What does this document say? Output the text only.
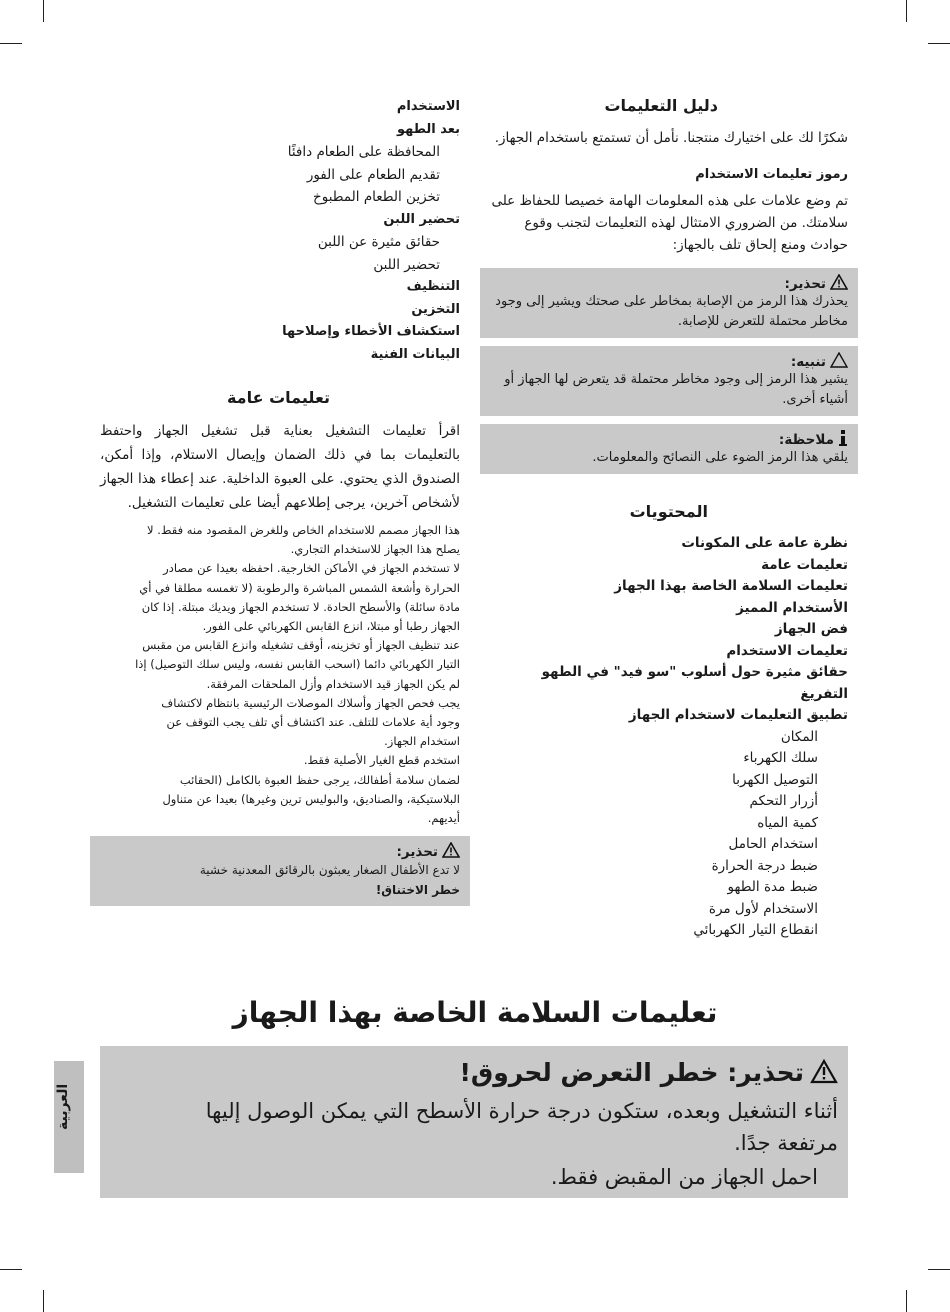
دليل التعليمات

شكرًا لك على اختيارك منتجنا. نأمل أن تستمتع باستخدام الجهاز.

رموز تعليمات الاستخدام

تم وضع علامات على هذه المعلومات الهامة خصيصا للحفاظ على سلامتك. من الضروري الامتثال لهذه التعليمات لتجنب وقوع حوادث ومنع إلحاق تلف بالجهاز:

تحذير:
يحذرك هذا الرمز من الإصابة بمخاطر على صحتك ويشير إلى وجود مخاطر محتملة للتعرض للإصابة.
تنبيه:
يشير هذا الرمز إلى وجود مخاطر محتملة قد يتعرض لها الجهاز أو أشياء أخرى.
ملاحظة:
يلقي هذا الرمز الضوء على النصائح والمعلومات.
المحتويات
نظرة عامة على المكونات
تعليمات عامة
تعليمات السلامة الخاصة بهذا الجهاز
الأستخدام المميز
فض الجهاز
تعليمات الاستخدام
حقائق مثيرة حول أسلوب "سو فيد" في الطهو
التفريغ
تطبيق التعليمات لاستخدام الجهاز
المكان
سلك الكهرباء
التوصيل الكهربا
أزرار التحكم
كمية المياه
استخدام الحامل
ضبط درجة الحرارة
ضبط مدة الطهو
الاستخدام لأول مرة
انقطاع التيار الكهربائي
الاستخدام
بعد الطهو
المحافظة على الطعام دافئًا
تقديم الطعام على الفور
تخزين الطعام المطبوخ
تحضير اللبن
حقائق مثيرة عن اللبن
تحضير اللبن
التنظيف
التخزين
استكشاف الأخطاء وإصلاحها
البيانات الفنية
تعليمات عامة

اقرأ تعليمات التشغيل بعناية قبل تشغيل الجهاز واحتفظ بالتعليمات بما في ذلك الضمان وإيصال الاستلام، وإذا أمكن، الصندوق الذي يحتوي. على العبوة الداخلية. عند إعطاء هذا الجهاز لأشخاص آخرين، يرجى إطلاعهم أيضا على تعليمات التشغيل.

هذا الجهاز مصمم للاستخدام الخاص وللغرض المقصود منه فقط. لا

يصلح هذا الجهاز للاستخدام التجاري.

لا تستخدم الجهاز في الأماكن الخارجية. احفظه بعيدا عن مصادر

الحرارة وأشعة الشمس المباشرة والرطوبة (لا تغمسه مطلقا في أي

مادة سائلة) والأسطح الحادة. لا تستخدم الجهاز ويديك مبتلة. إذا كان

الجهاز رطبا أو مبتلا، انزع القابس الكهربائي على الفور.

عند تنظيف الجهاز أو تخزينه، أوقف تشغيله وانزع القابس من مقبس

التيار الكهربائي دائما (اسحب القابس نفسه، وليس سلك التوصيل) إذا

لم يكن الجهاز قيد الاستخدام وأزل الملحقات المرفقة.

يجب فحص الجهاز وأسلاك الموصلات الرئيسية بانتظام لاكتشاف

وجود أية علامات للتلف. عند اكتشاف أي تلف يجب التوقف عن

استخدام الجهاز.

استخدم قطع الغيار الأصلية فقط.

لضمان سلامة أطفالك، يرجى حفظ العبوة بالكامل (الحقائب

البلاستيكية، والصناديق، والبوليس ترين وغيرها) بعيدا عن متناول

أيديهم.

تحذير:
لا تدع الأطفال الصغار يعبثون بالرقائق المعدنية خشية
خطر الاختناق!
تعليمات السلامة الخاصة بهذا الجهاز
تحذير: خطر التعرض لحروق!
أثناء التشغيل وبعده، ستكون درجة حرارة الأسطح التي يمكن الوصول إليها
مرتفعة جدًا.
احمل الجهاز من المقبض فقط.
العربية
